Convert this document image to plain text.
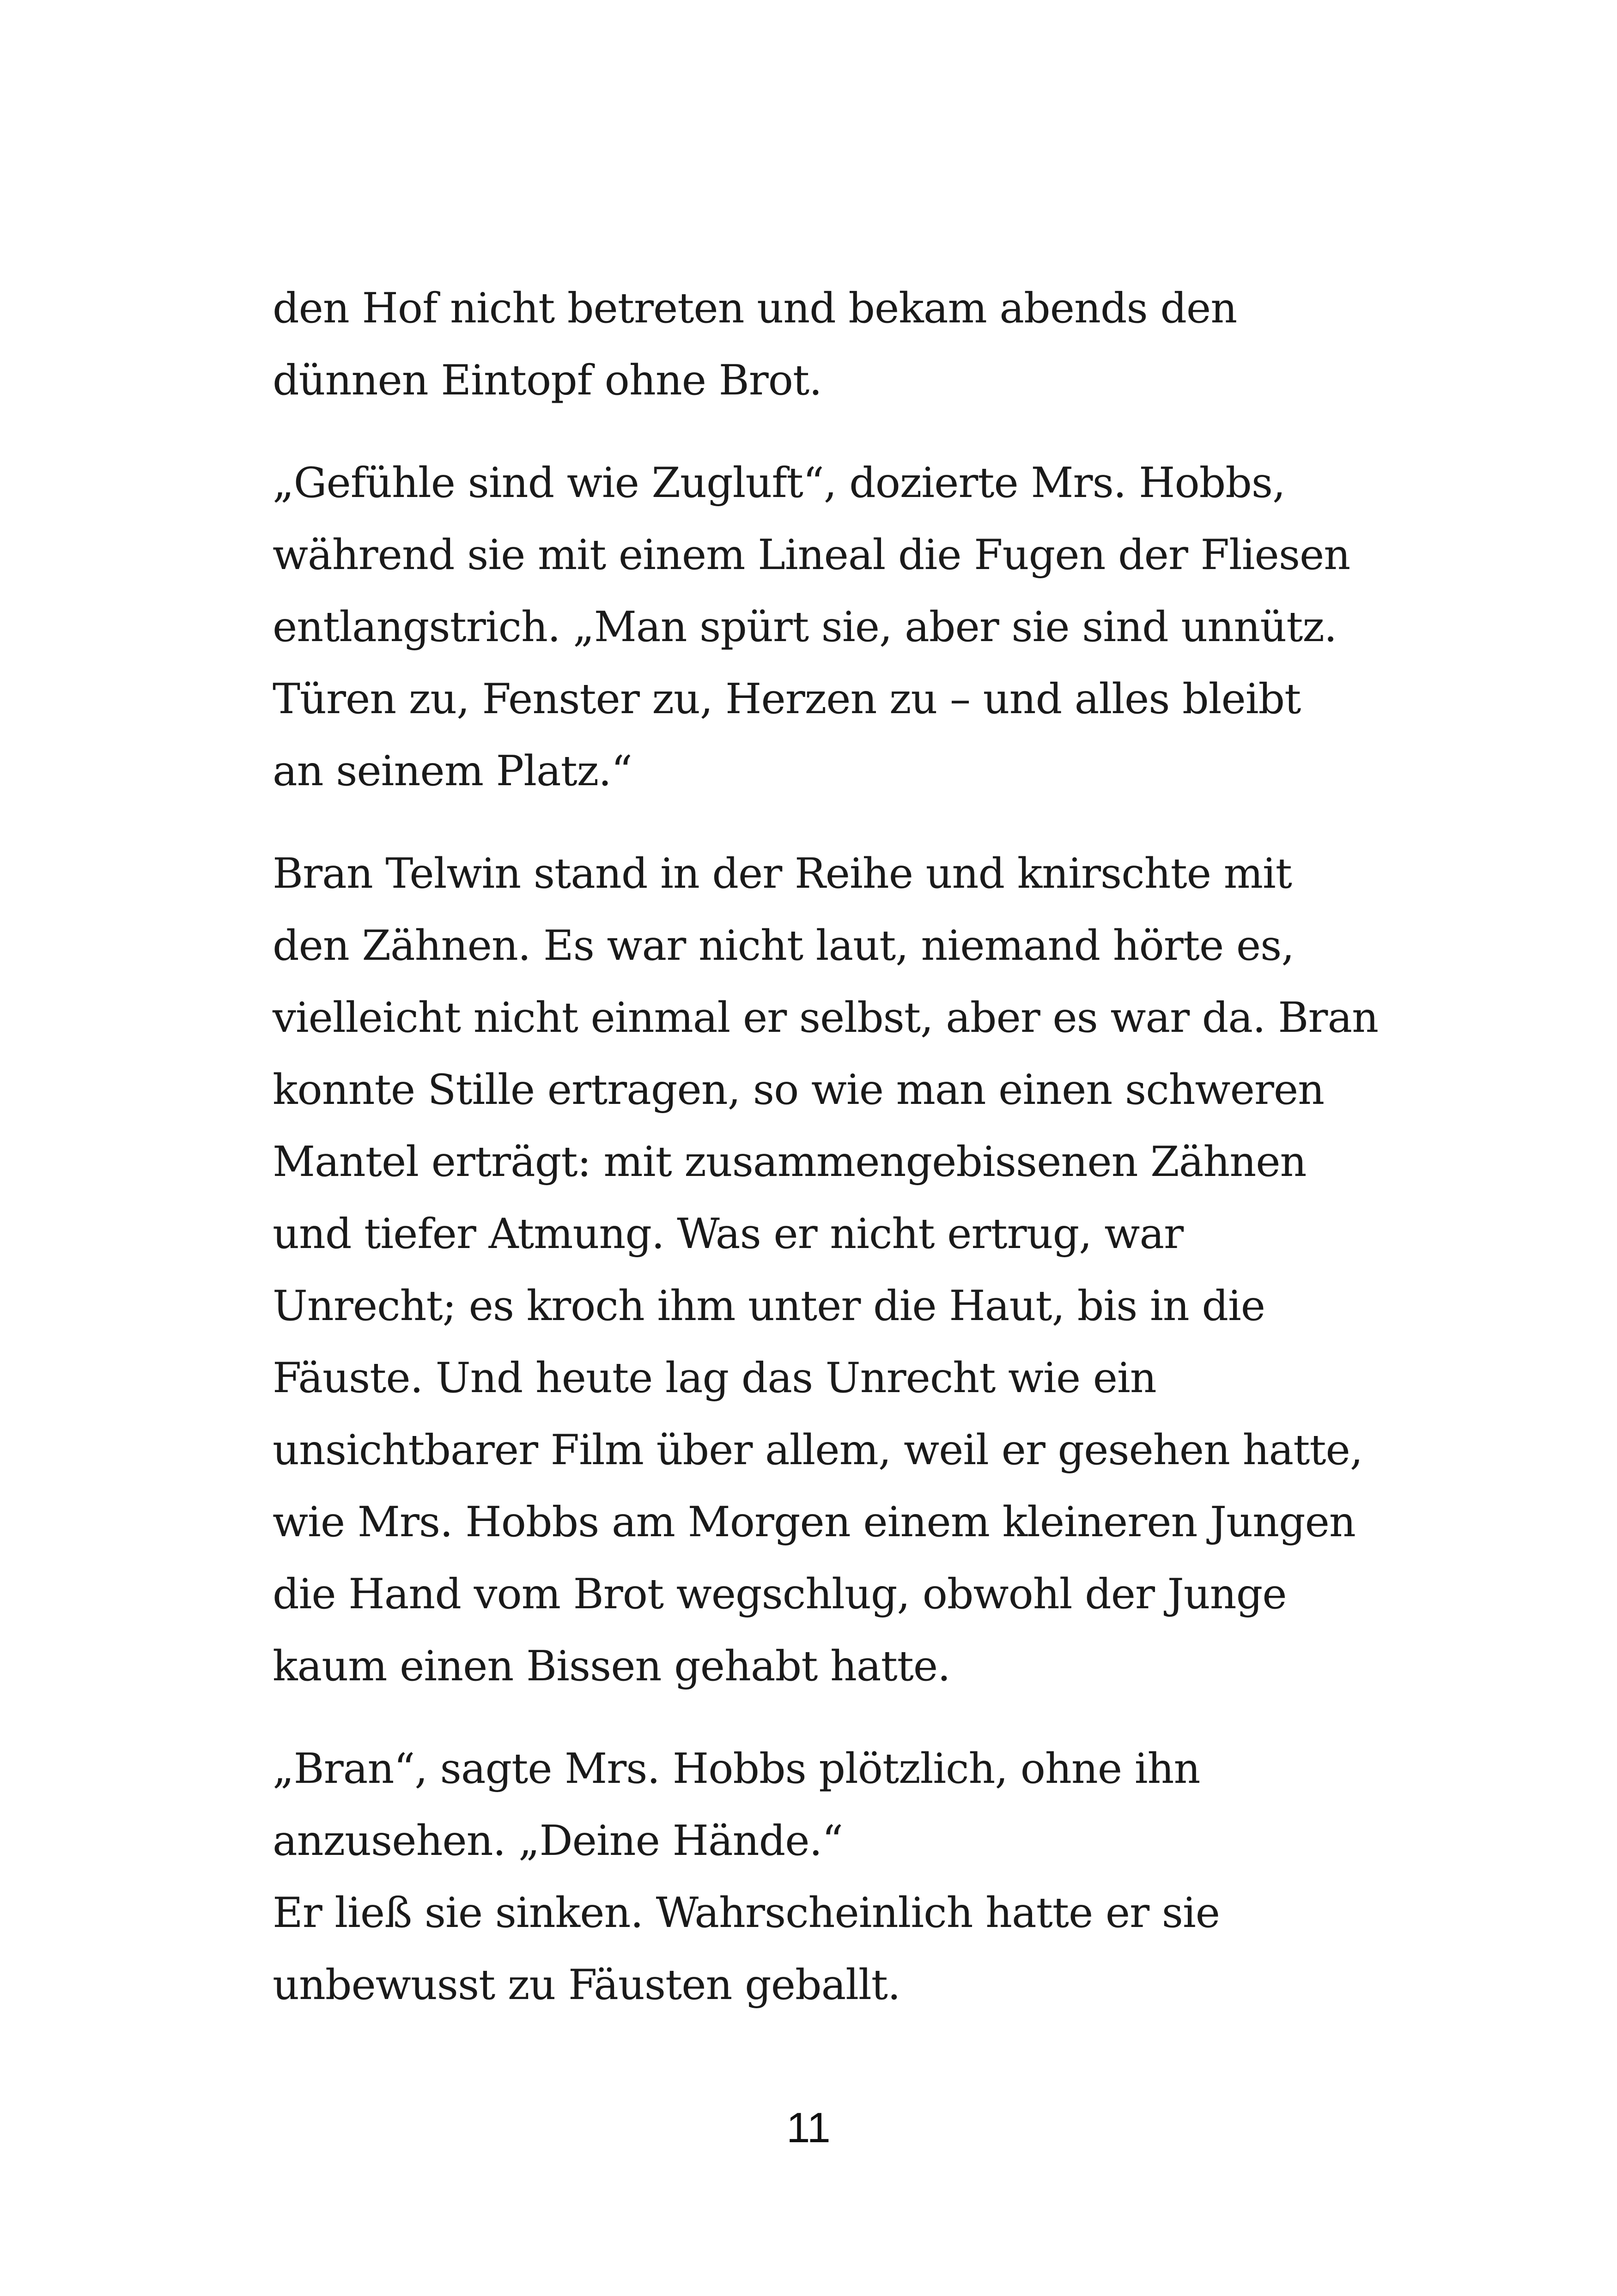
den Hof nicht betreten und bekam abends den
dünnen Eintopf ohne Brot.

„Gefühle sind wie Zugluft“, dozierte Mrs. Hobbs,
während sie mit einem Lineal die Fugen der Fliesen
entlangstrich. „Man spürt sie, aber sie sind unnütz.
Türen zu, Fenster zu, Herzen zu – und alles bleibt
an seinem Platz.“

Bran Telwin stand in der Reihe und knirschte mit
den Zähnen. Es war nicht laut, niemand hörte es,
vielleicht nicht einmal er selbst, aber es war da. Bran
konnte Stille ertragen, so wie man einen schweren
Mantel erträgt: mit zusammengebissenen Zähnen
und tiefer Atmung. Was er nicht ertrug, war
Unrecht; es kroch ihm unter die Haut, bis in die
Fäuste. Und heute lag das Unrecht wie ein
unsichtbarer Film über allem, weil er gesehen hatte,
wie Mrs. Hobbs am Morgen einem kleineren Jungen
die Hand vom Brot wegschlug, obwohl der Junge
kaum einen Bissen gehabt hatte.

„Bran“, sagte Mrs. Hobbs plötzlich, ohne ihn
anzusehen. „Deine Hände.“
Er ließ sie sinken. Wahrscheinlich hatte er sie
unbewusst zu Fäusten geballt.

11
